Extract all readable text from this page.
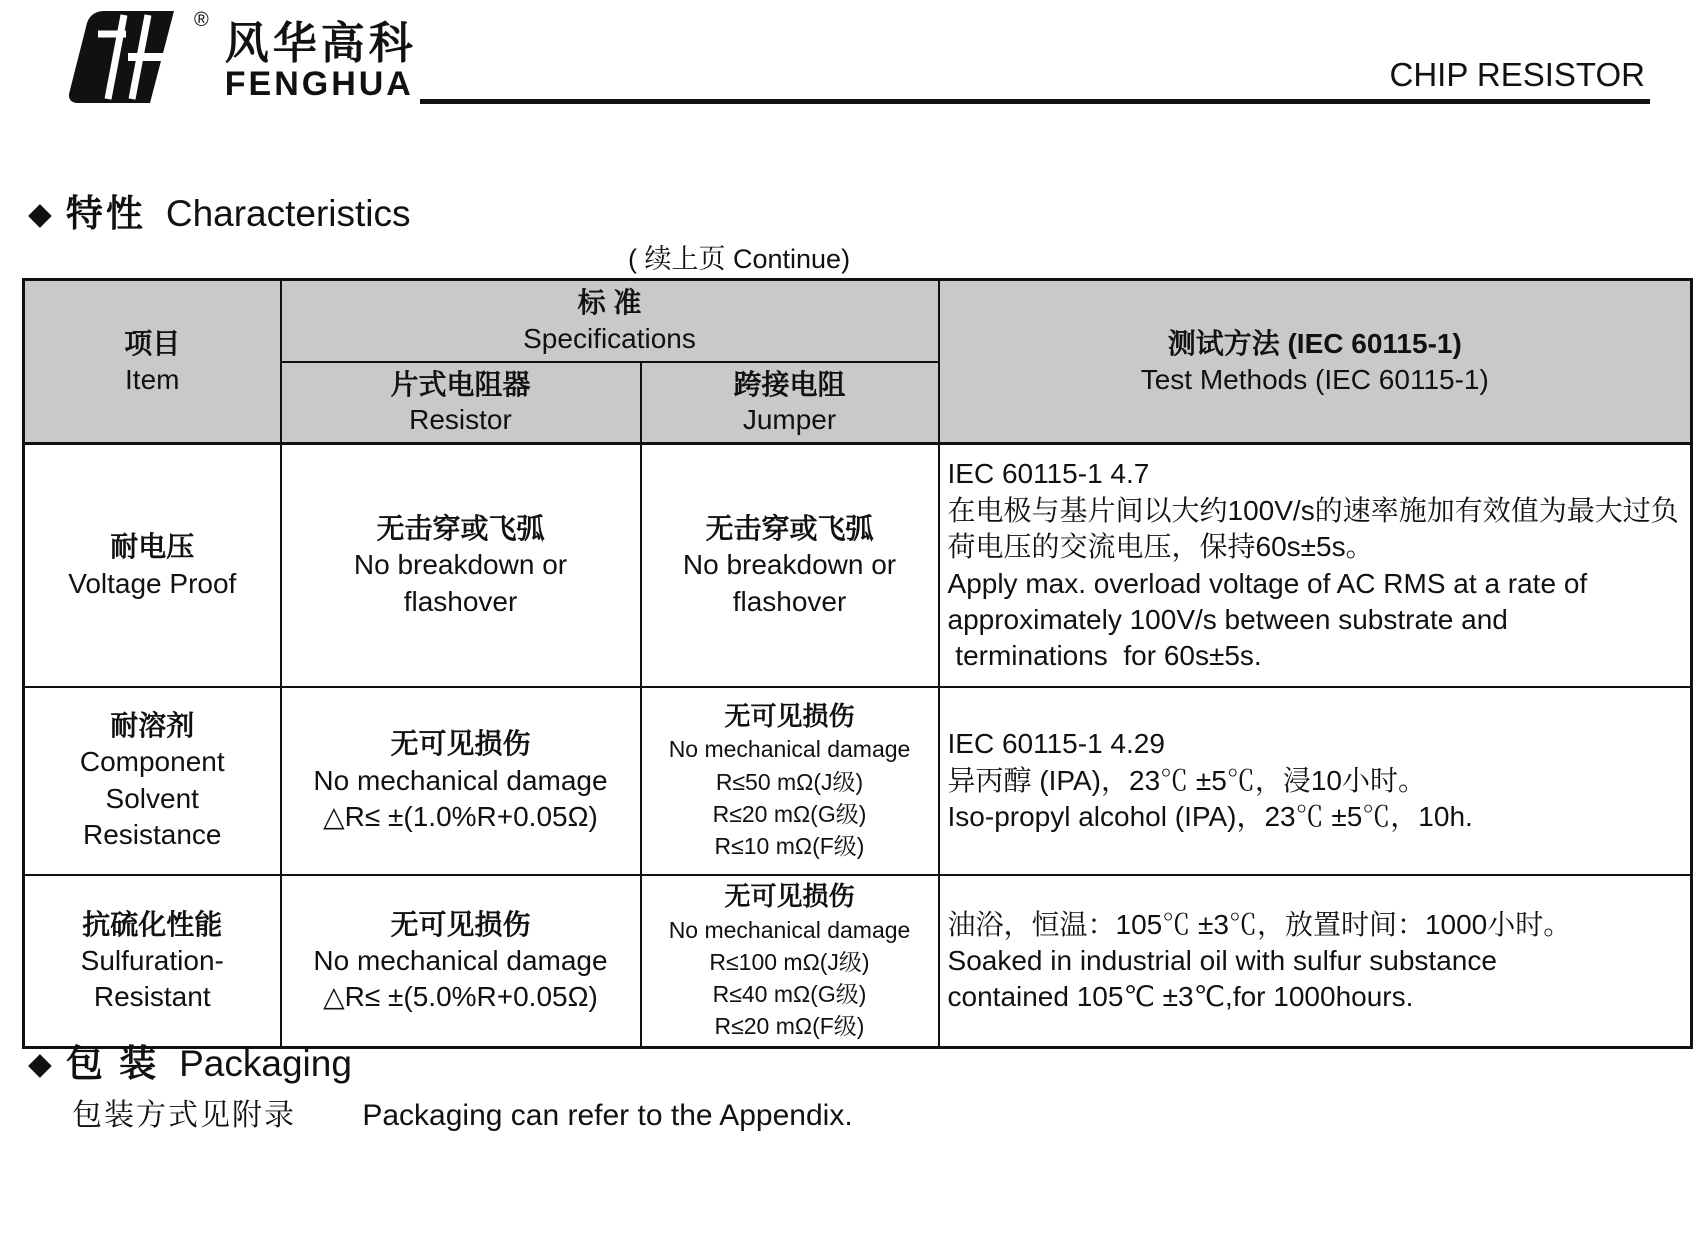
® 风华高科
FENGHUA	CHIP RESISTOR
◆ 特性 Characteristics
( 续上页 Continue)
项目
Item	标 准
Specifications		测试方法 (IEC 60115-1)
Test Methods (IEC 60115-1)

	片式电阻器
Resistor	跨接电阻
Jumper	

耐电压
Voltage Proof	无击穿或飞弧
No breakdown or
flashover	无击穿或飞弧
No breakdown or
flashover	IEC 60115-1 4.7
在电极与基片间以大约100V/s的速率施加有效值为最大过负荷电压的交流电压，保持60s±5s。
Apply max. overload voltage of AC RMS at a rate of
approximately 100V/s between substrate and
terminations  for 60s±5s.

耐溶剂
Component
Solvent
Resistance	无可见损伤
No mechanical damage
△R≤ ±(1.0%R+0.05Ω)	无可见损伤
No mechanical damage
R≤50 mΩ(J级)
R≤20 mΩ(G级)
R≤10 mΩ(F级)	IEC 60115-1 4.29
异丙醇 (IPA)，23℃ ±5℃，浸10小时。
Iso-propyl alcohol (IPA)，23℃ ±5℃，10h.

抗硫化性能
Sulfuration-
Resistant	无可见损伤
No mechanical damage
△R≤ ±(5.0%R+0.05Ω)	无可见损伤
No mechanical damage
R≤100 mΩ(J级)
R≤40 mΩ(G级)
R≤20 mΩ(F级)	油浴，恒温：105℃ ±3℃，放置时间：1000小时。
Soaked in industrial oil with sulfur substance
contained 105℃ ±3℃,for 1000hours.
◆ 包 装 Packaging
包装方式见附录 Packaging can refer to the Appendix.
